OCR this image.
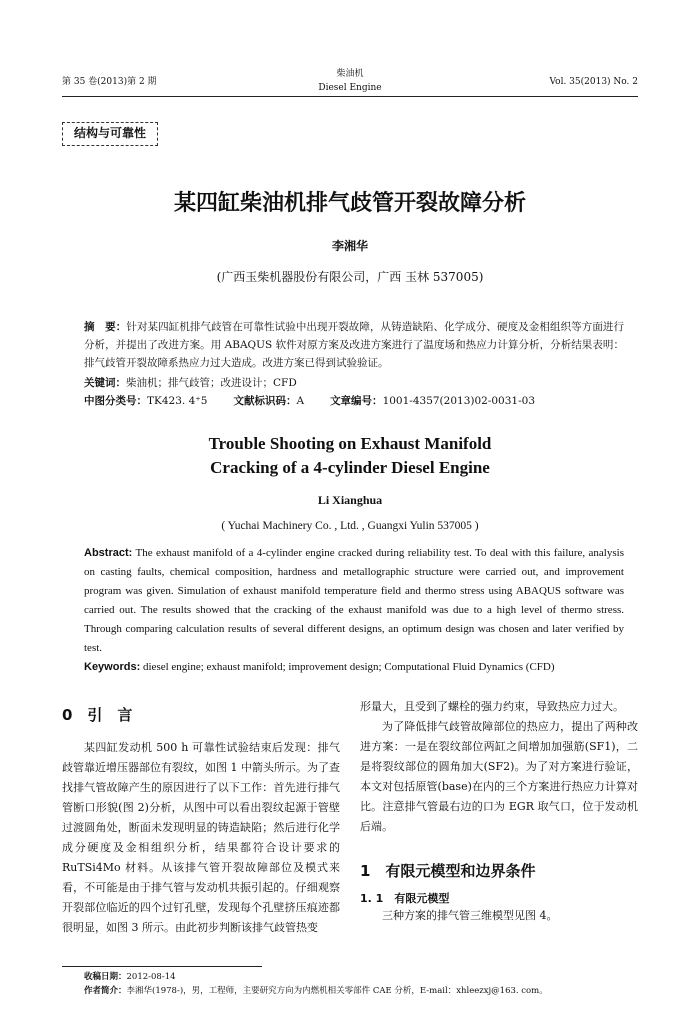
第 35 卷(2013)第 2 期
柴油机
Diesel Engine
Vol. 35(2013) No. 2
结构与可靠性
某四缸柴油机排气歧管开裂故障分析
李湘华
(广西玉柴机器股份有限公司，广西 玉林 537005)
摘　要：针对某四缸机排气歧管在可靠性试验中出现开裂故障，从铸造缺陷、化学成分、硬度及金相组织等方面进行分析，并提出了改进方案。用 ABAQUS 软件对原方案及改进方案进行了温度场和热应力计算分析，分析结果表明：排气歧管开裂故障系热应力过大造成。改进方案已得到试验验证。
关键词：柴油机；排气歧管；改进设计；CFD
中图分类号：TK423. 4⁺5 文献标识码：A 文章编号：1001-4357(2013)02-0031-03
Trouble Shooting on Exhaust Manifold
Cracking of a 4-cylinder Diesel Engine
Li Xianghua
( Yuchai Machinery Co. , Ltd. , Guangxi Yulin 537005 )
Abstract: The exhaust manifold of a 4-cylinder engine cracked during reliability test. To deal with this failure, analysis on casting faults, chemical composition, hardness and metallographic structure were carried out, and improvement program was given. Simulation of exhaust manifold temperature field and thermo stress using ABAQUS software was carried out. The results showed that the cracking of the exhaust manifold was due to a high level of thermo stress. Through comparing calculation results of several different designs, an optimum design was chosen and later verified by test.
Keywords: diesel engine; exhaust manifold; improvement design; Computational Fluid Dynamics (CFD)
0　引　言

某四缸发动机 500 h 可靠性试验结束后发现：排气歧管靠近增压器部位有裂纹，如图 1 中箭头所示。为了查找排气管故障产生的原因进行了以下工作：首先进行排气管断口形貌(图 2)分析，从图中可以看出裂纹起源于管壁过渡圆角处，断面未发现明显的铸造缺陷；然后进行化学成分硬度及金相组织分析，结果都符合设计要求的 RuTSi4Mo 材料。从该排气管开裂故障部位及模式来看，不可能是由于排气管与发动机共振引起的。仔细观察开裂部位临近的四个过钉孔壁，发现每个孔壁挤压痕迹都很明显，如图 3 所示。由此初步判断该排气歧管热变

形量大，且受到了螺栓的强力约束，导致热应力过大。

为了降低排气歧管故障部位的热应力，提出了两种改进方案：一是在裂纹部位两缸之间增加加强筋(SF1)，二是将裂纹部位的圆角加大(SF2)。为了对方案进行验证，本文对包括原管(base)在内的三个方案进行热应力计算对比。注意排气管最右边的口为 EGR 取气口，位于发动机后端。

1　有限元模型和边界条件
1. 1　有限元模型

三种方案的排气管三维模型见图 4。

收稿日期：2012-08-14
作者简介：李湘华(1978-)，男，工程师，主要研究方向为内燃机相关零部件 CAE 分析，E-mail：xhleezxj@163. com。
